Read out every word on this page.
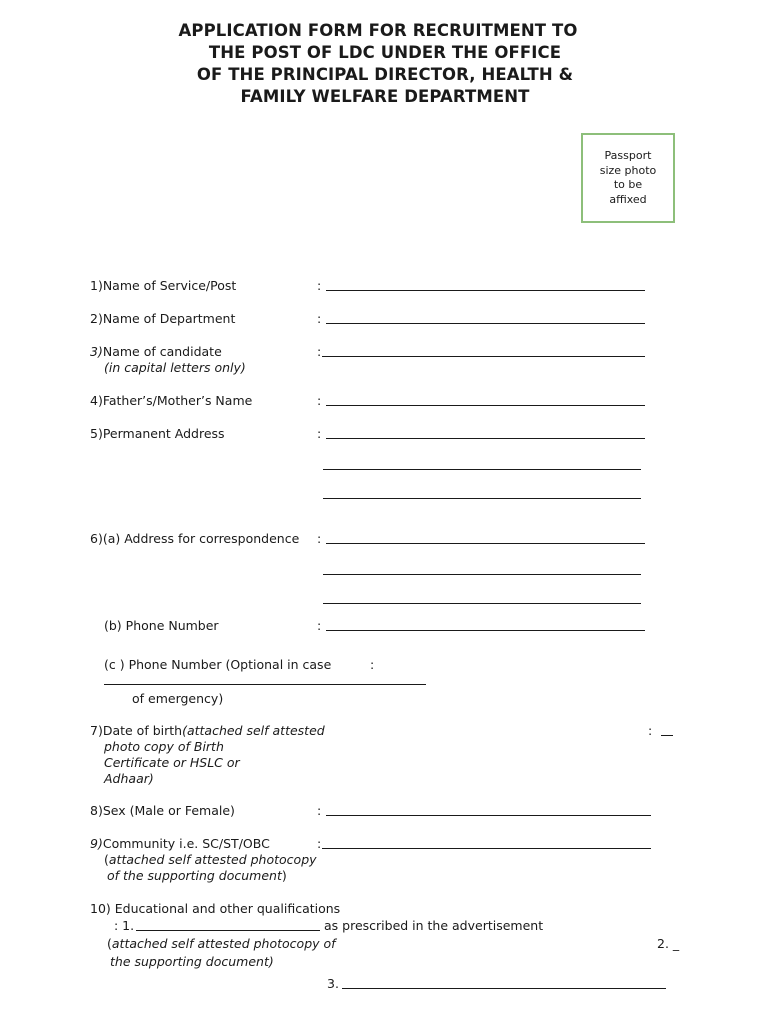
APPLICATION FORM FOR RECRUITMENT TO
THE POST OF LDC UNDER THE OFFICE
OF THE PRINCIPAL DIRECTOR, HEALTH &
FAMILY WELFARE DEPARTMENT
Passport
size photo
to be
affixed
1)Name of Service/Post	:
2)Name of Department	:
3)Name of candidate
(in capital letters only)
:
4)Father’s/Mother’s Name	:
5)Permanent Address	:
6)(a) Address for correspondence :
(b) Phone Number	:
(c ) Phone Number (Optional in case	:
of emergency)
7)Date of birth(attached self attested
photo copy of Birth
Certificate or HSLC or
Adhaar)
:
8)Sex (Male or Female)	:
9)Community i.e. SC/ST/OBC
(attached self attested photocopy
of the supporting document)
:
10) Educational and other qualifications
: 1.	as prescribed in the advertisement
(attached self attested photocopy of
the supporting document)
2. _
3.
